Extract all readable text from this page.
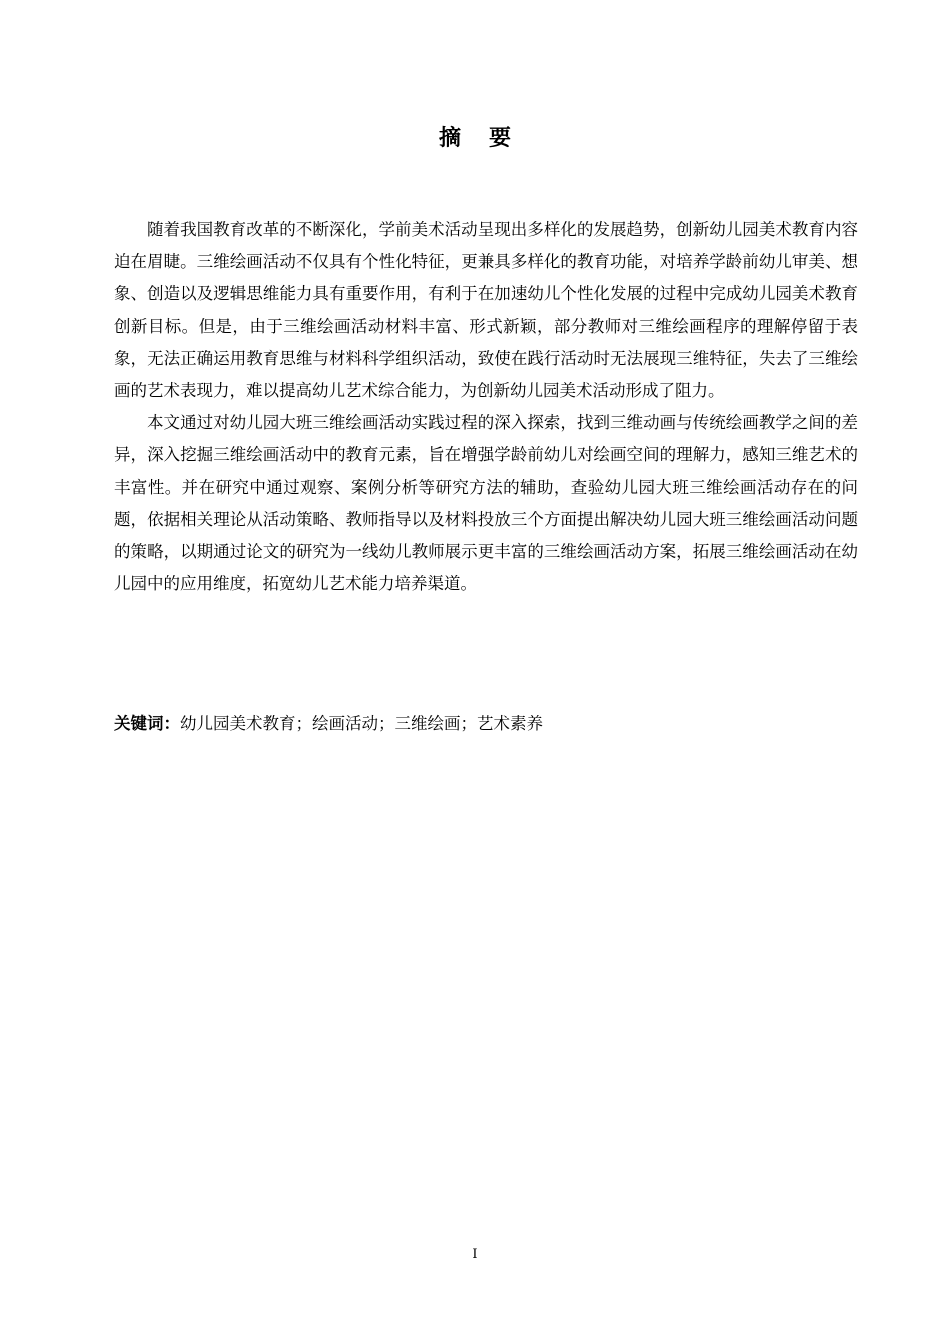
摘 要

随着我国教育改革的不断深化，学前美术活动呈现出多样化的发展趋势，创新幼儿园美术教育内容迫在眉睫。三维绘画活动不仅具有个性化特征，更兼具多样化的教育功能，对培养学龄前幼儿审美、想象、创造以及逻辑思维能力具有重要作用，有利于在加速幼儿个性化发展的过程中完成幼儿园美术教育创新目标。但是，由于三维绘画活动材料丰富、形式新颖，部分教师对三维绘画程序的理解停留于表象，无法正确运用教育思维与材料科学组织活动，致使在践行活动时无法展现三维特征，失去了三维绘画的艺术表现力，难以提高幼儿艺术综合能力，为创新幼儿园美术活动形成了阻力。

本文通过对幼儿园大班三维绘画活动实践过程的深入探索，找到三维动画与传统绘画教学之间的差异，深入挖掘三维绘画活动中的教育元素，旨在增强学龄前幼儿对绘画空间的理解力，感知三维艺术的丰富性。并在研究中通过观察、案例分析等研究方法的辅助，查验幼儿园大班三维绘画活动存在的问题，依据相关理论从活动策略、教师指导以及材料投放三个方面提出解决幼儿园大班三维绘画活动问题的策略，以期通过论文的研究为一线幼儿教师展示更丰富的三维绘画活动方案，拓展三维绘画活动在幼儿园中的应用维度，拓宽幼儿艺术能力培养渠道。

关键词：幼儿园美术教育；绘画活动；三维绘画；艺术素养
I
